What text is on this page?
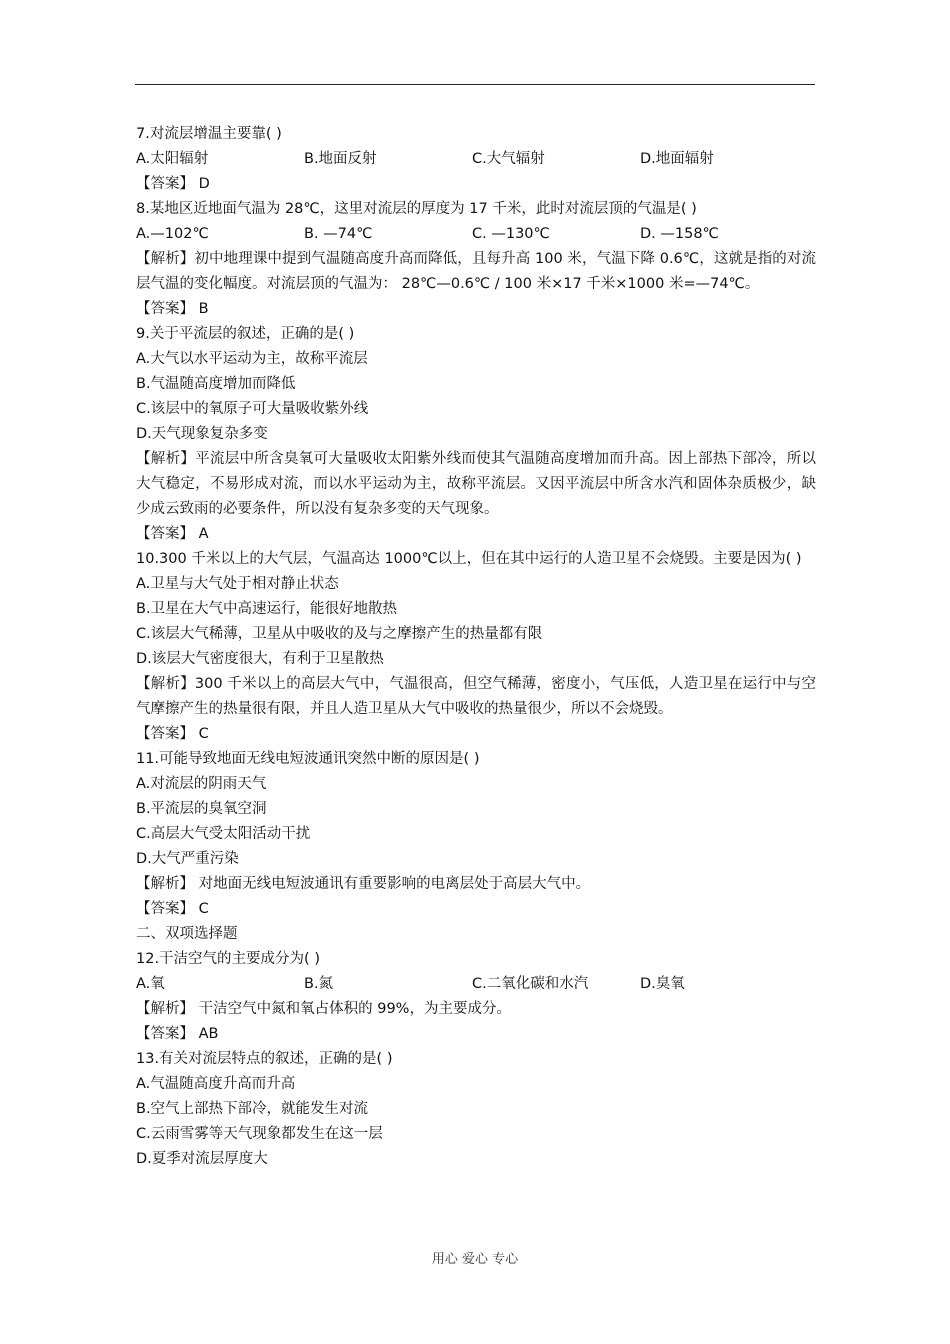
7.对流层增温主要靠( )
A.太阳辐射	B.地面反射	C.大气辐射	D.地面辐射
【答案】 D
8.某地区近地面气温为 28℃，这里对流层的厚度为 17 千米，此时对流层顶的气温是( )
A.—102℃	B. —74℃	C. —130℃	D. —158℃
【解析】初中地理课中提到气温随高度升高而降低，且每升高 100 米，气温下降 0.6℃，这就是指的对流层气温的变化幅度。对流层顶的气温为： 28℃—0.6℃ / 100 米×17 千米×1000 米=—74℃。
【答案】 B
9.关于平流层的叙述，正确的是( )
A.大气以水平运动为主，故称平流层
B.气温随高度增加而降低
C.该层中的氧原子可大量吸收紫外线
D.天气现象复杂多变
【解析】平流层中所含臭氧可大量吸收太阳紫外线而使其气温随高度增加而升高。因上部热下部冷，所以大气稳定，不易形成对流，而以水平运动为主，故称平流层。又因平流层中所含水汽和固体杂质极少，缺少成云致雨的必要条件，所以没有复杂多变的天气现象。
【答案】 A
10.300 千米以上的大气层，气温高达 1000℃以上，但在其中运行的人造卫星不会烧毁。主要是因为( )
A.卫星与大气处于相对静止状态
B.卫星在大气中高速运行，能很好地散热
C.该层大气稀薄，卫星从中吸收的及与之摩擦产生的热量都有限
D.该层大气密度很大，有利于卫星散热
【解析】300 千米以上的高层大气中，气温很高，但空气稀薄，密度小，气压低，人造卫星在运行中与空气摩擦产生的热量很有限，并且人造卫星从大气中吸收的热量很少，所以不会烧毁。
【答案】 C
11.可能导致地面无线电短波通讯突然中断的原因是( )
A.对流层的阴雨天气
B.平流层的臭氧空洞
C.高层大气受太阳活动干扰
D.大气严重污染
【解析】 对地面无线电短波通讯有重要影响的电离层处于高层大气中。
【答案】 C
二、双项选择题
12.干洁空气的主要成分为( )
A.氧	B.氮	C.二氧化碳和水汽	D.臭氧
【解析】 干洁空气中氮和氧占体积的 99%，为主要成分。
【答案】 AB
13.有关对流层特点的叙述，正确的是( )
A.气温随高度升高而升高
B.空气上部热下部冷，就能发生对流
C.云雨雪雾等天气现象都发生在这一层
D.夏季对流层厚度大
用心 爱心 专心
